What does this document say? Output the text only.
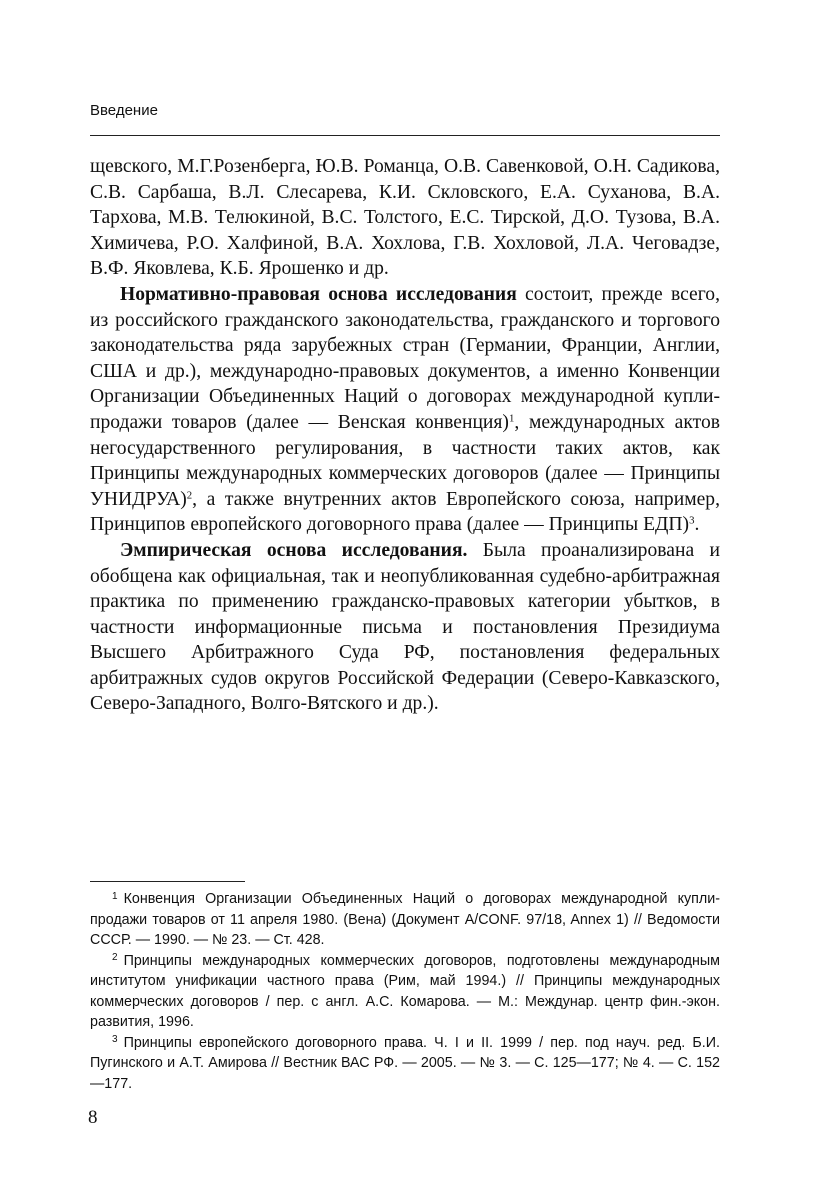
Введение

щевского, М.Г.Розенберга, Ю.В. Романца, О.В. Савенковой, О.Н. Садикова, С.В. Сарбаша, В.Л. Слесарева, К.И. Скловского, Е.А. Суханова, В.А. Тархова, М.В. Телюкиной, В.С. Толстого, Е.С. Тирской, Д.О. Тузова, В.А. Химичева, Р.О. Халфиной, В.А. Хохлова, Г.В. Хохловой, Л.А. Чеговадзе, В.Ф. Яковлева, К.Б. Ярошенко и др.

Нормативно-правовая основа исследования состоит, прежде всего, из российского гражданского законодательства, гражданского и торгового законодательства ряда зарубежных стран (Германии, Франции, Англии, США и др.), международно-правовых документов, а именно Конвенции Организации Объединенных Наций о договорах международной купли-продажи товаров (далее — Венская конвенция)$^1$, международных актов негосударственного регулирования, в частности таких актов, как Принципы международных коммерческих договоров (далее — Принципы УНИДРУА)$^2$, а также внутренних актов Европейского союза, например, Принципов европейского договорного права (далее — Принципы ЕДП)$^3$.

Эмпирическая основа исследования. Была проанализирована и обобщена как официальная, так и неопубликованная судебно-арбитражная практика по применению гражданско-правовых категории убытков, в частности информационные письма и постановления Президиума Высшего Арбитражного Суда РФ, постановления федеральных арбитражных судов округов Российской Федерации (Северо-Кавказского, Северо-Западного, Волго-Вятского и др.).

$^1$ Конвенция Организации Объединенных Наций о договорах международной купли-продажи товаров от 11 апреля 1980. (Вена) (Документ A/CONF. 97/18, Annex 1) // Ведомости СССР. — 1990. — № 23. — Ст. 428.

$^2$ Принципы международных коммерческих договоров, подготовлены международным институтом унификации частного права (Рим, май 1994.) // Принципы международных коммерческих договоров / пер. с англ. А.С. Комарова. — М.: Междунар. центр фин.-экон. развития, 1996.

$^3$ Принципы европейского договорного права. Ч. I и II. 1999 / пер. под науч. ред. Б.И. Пугинского и А.Т. Амирова // Вестник ВАС РФ. — 2005. — № 3. — С. 125—177; № 4. — С. 152—177.

8
